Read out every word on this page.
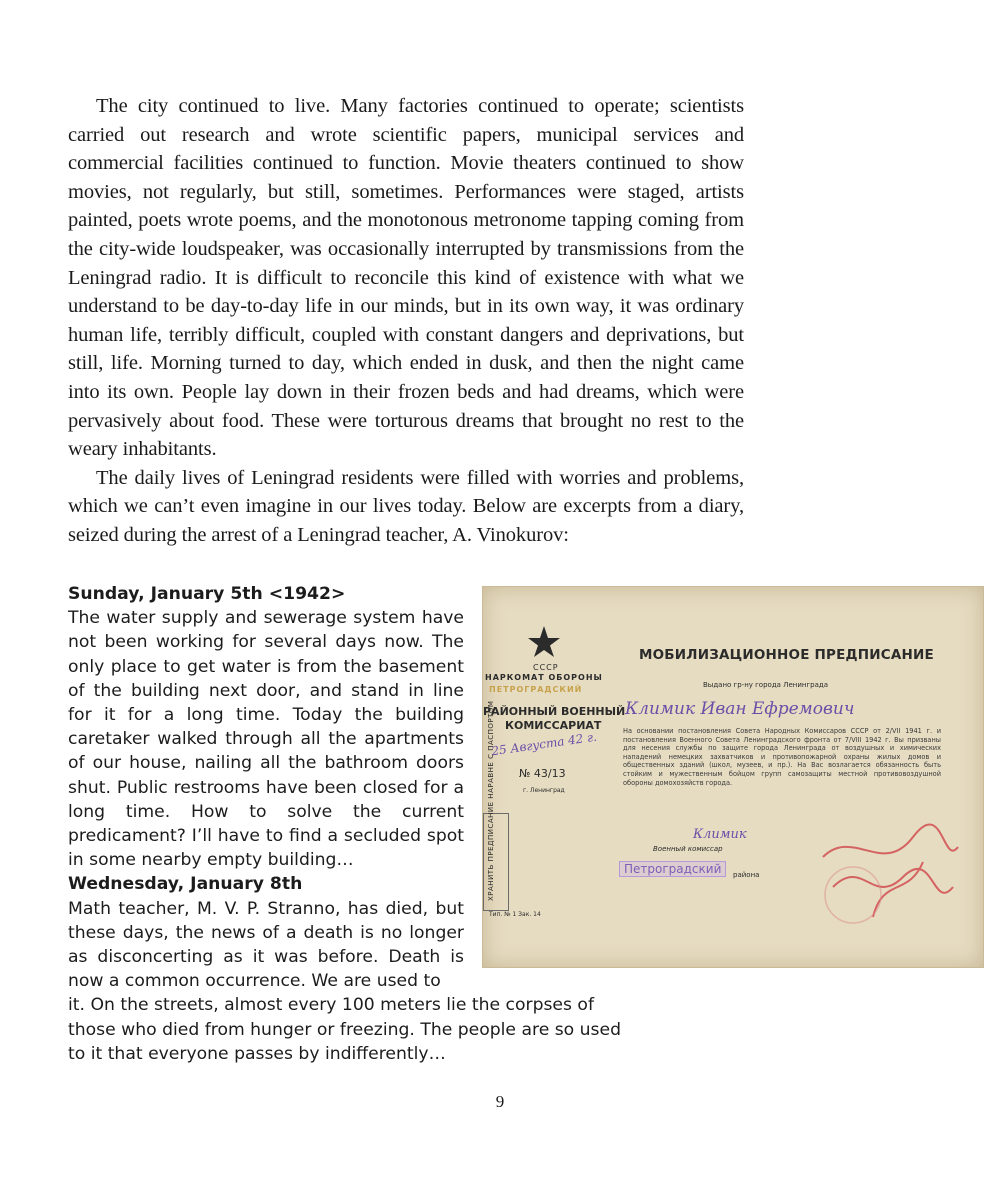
The city continued to live. Many factories continued to operate; scientists carried out research and wrote scientific papers, municipal services and commercial facilities continued to function. Movie theaters continued to show movies, not regularly, but still, sometimes. Performances were staged, artists painted, poets wrote poems, and the monotonous metronome tapping coming from the city-wide loudspeaker, was occasionally interrupted by transmissions from the Leningrad radio. It is difficult to reconcile this kind of existence with what we understand to be day-to-day life in our minds, but in its own way, it was ordinary human life, terribly difficult, coupled with constant dangers and deprivations, but still, life. Morning turned to day, which ended in dusk, and then the night came into its own. People lay down in their frozen beds and had dreams, which were pervasively about food. These were torturous dreams that brought no rest to the weary inhabitants.

The daily lives of Leningrad residents were filled with worries and problems, which we can’t even imagine in our lives today. Below are excerpts from a diary, seized during the arrest of a Leningrad teacher, A. Vinokurov:

Sunday, January 5th <1942>
The water supply and sewerage system have not been working for several days now. The only place to get water is from the basement of the building next door, and stand in line for it for a long time. Today the building caretaker walked through all the apartments of our house, nailing all the bathroom doors shut. Public restrooms have been closed for a long time. How to solve the current predicament? I’ll have to find a secluded spot in some nearby empty building…
Wednesday, January 8th
Math teacher, M. V. P. Stranno, has died, but these days, the news of a death is no longer as disconcerting as it was before. Death is now a common occurrence. We are used to
it. On the streets, almost every 100 meters lie the corpses of those who died from hunger or freezing. The people are so used to it that everyone passes by indifferently…
СССР
НАРКОМАТ ОБОРОНЫ
ПЕТРОГРАДСКИЙ
РАЙОННЫЙ ВОЕННЫЙ
КОМИССАРИАТ
25 Августа 42 г.
№ 43/13
г. Ленинград
МОБИЛИЗАЦИОННОЕ ПРЕДПИСАНИЕ
Выдано гр-ну города Ленинграда
Климик Иван Ефремович
На основании постановления Совета Народных Комиссаров СССР от 2/VII 1941 г. и постановления Военного Совета Ленинградского фронта от 7/VIII 1942 г. Вы призваны для несения службы по защите города Ленинграда от воздушных и химических нападений немецких захватчиков и противопожарной охраны жилых домов и общественных зданий (школ, музеев, и пр.). На Вас возлагается обязанность быть стойким и мужественным бойцом групп самозащиты местной противовоздушной обороны домохозяйств города.
Климик
Военный комиссар
Петроградский	района
ХРАНИТЬ ПРЕДПИСАНИЕ НАРАВНЕ С ПАСПОРТОМ
Тип. № 1 Зак. 14
9
